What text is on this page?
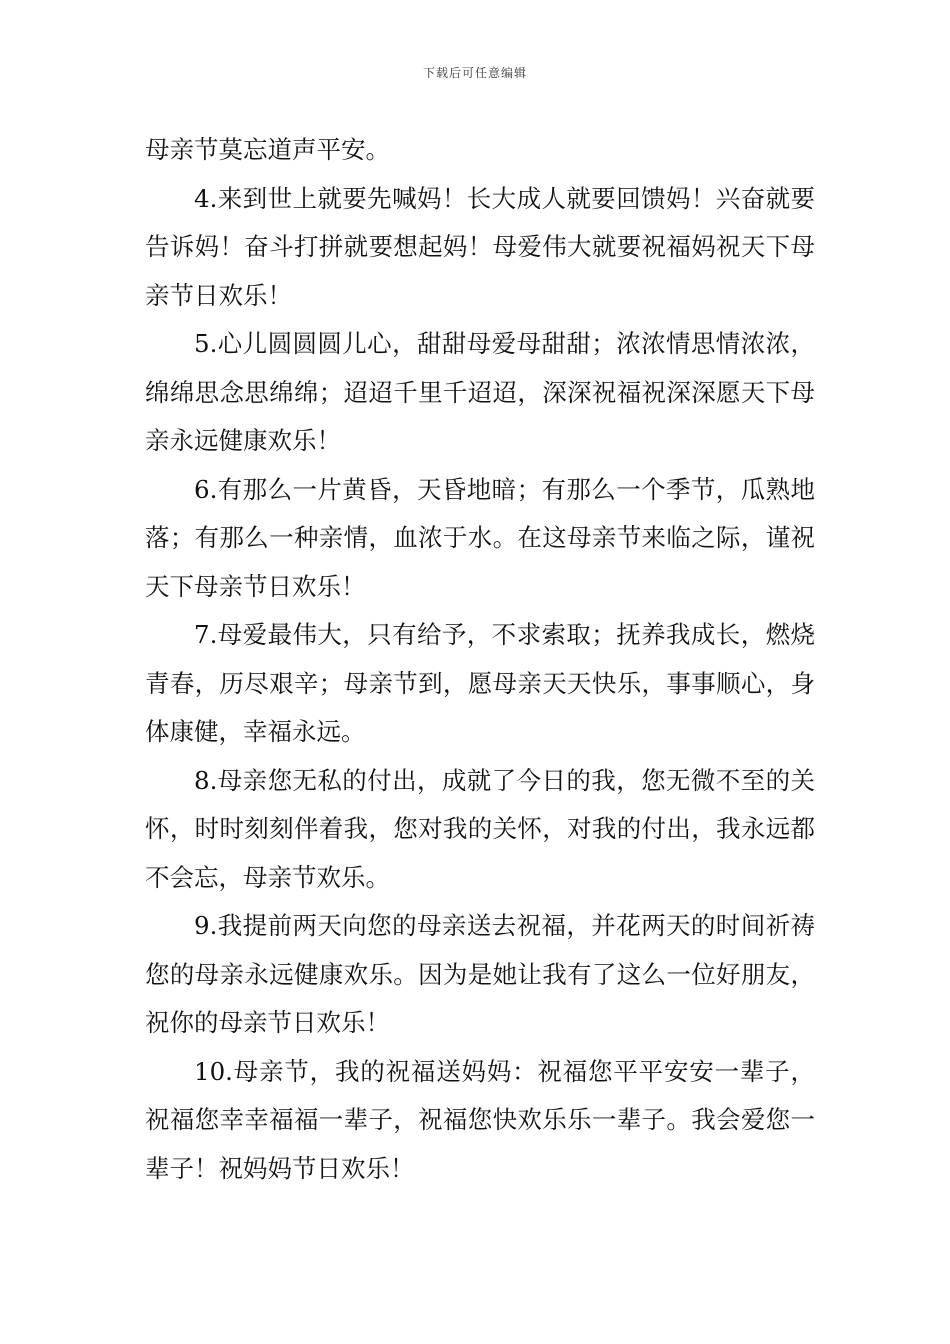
下载后可任意编辑

母亲节莫忘道声平安。

4.来到世上就要先喊妈！长大成人就要回馈妈！兴奋就要告诉妈！奋斗打拼就要想起妈！母爱伟大就要祝福妈祝天下母亲节日欢乐！

5.心儿圆圆圆儿心，甜甜母爱母甜甜；浓浓情思情浓浓，绵绵思念思绵绵；迢迢千里千迢迢，深深祝福祝深深愿天下母亲永远健康欢乐！

6.有那么一片黄昏，天昏地暗；有那么一个季节，瓜熟地落；有那么一种亲情，血浓于水。在这母亲节来临之际，谨祝天下母亲节日欢乐！

7.母爱最伟大，只有给予，不求索取；抚养我成长，燃烧青春，历尽艰辛；母亲节到，愿母亲天天快乐，事事顺心，身体康健，幸福永远。

8.母亲您无私的付出，成就了今日的我，您无微不至的关怀，时时刻刻伴着我，您对我的关怀，对我的付出，我永远都不会忘，母亲节欢乐。

9.我提前两天向您的母亲送去祝福，并花两天的时间祈祷您的母亲永远健康欢乐。因为是她让我有了这么一位好朋友，祝你的母亲节日欢乐！

10.母亲节，我的祝福送妈妈：祝福您平平安安一辈子，祝福您幸幸福福一辈子，祝福您快欢乐乐一辈子。我会爱您一辈子！祝妈妈节日欢乐！
